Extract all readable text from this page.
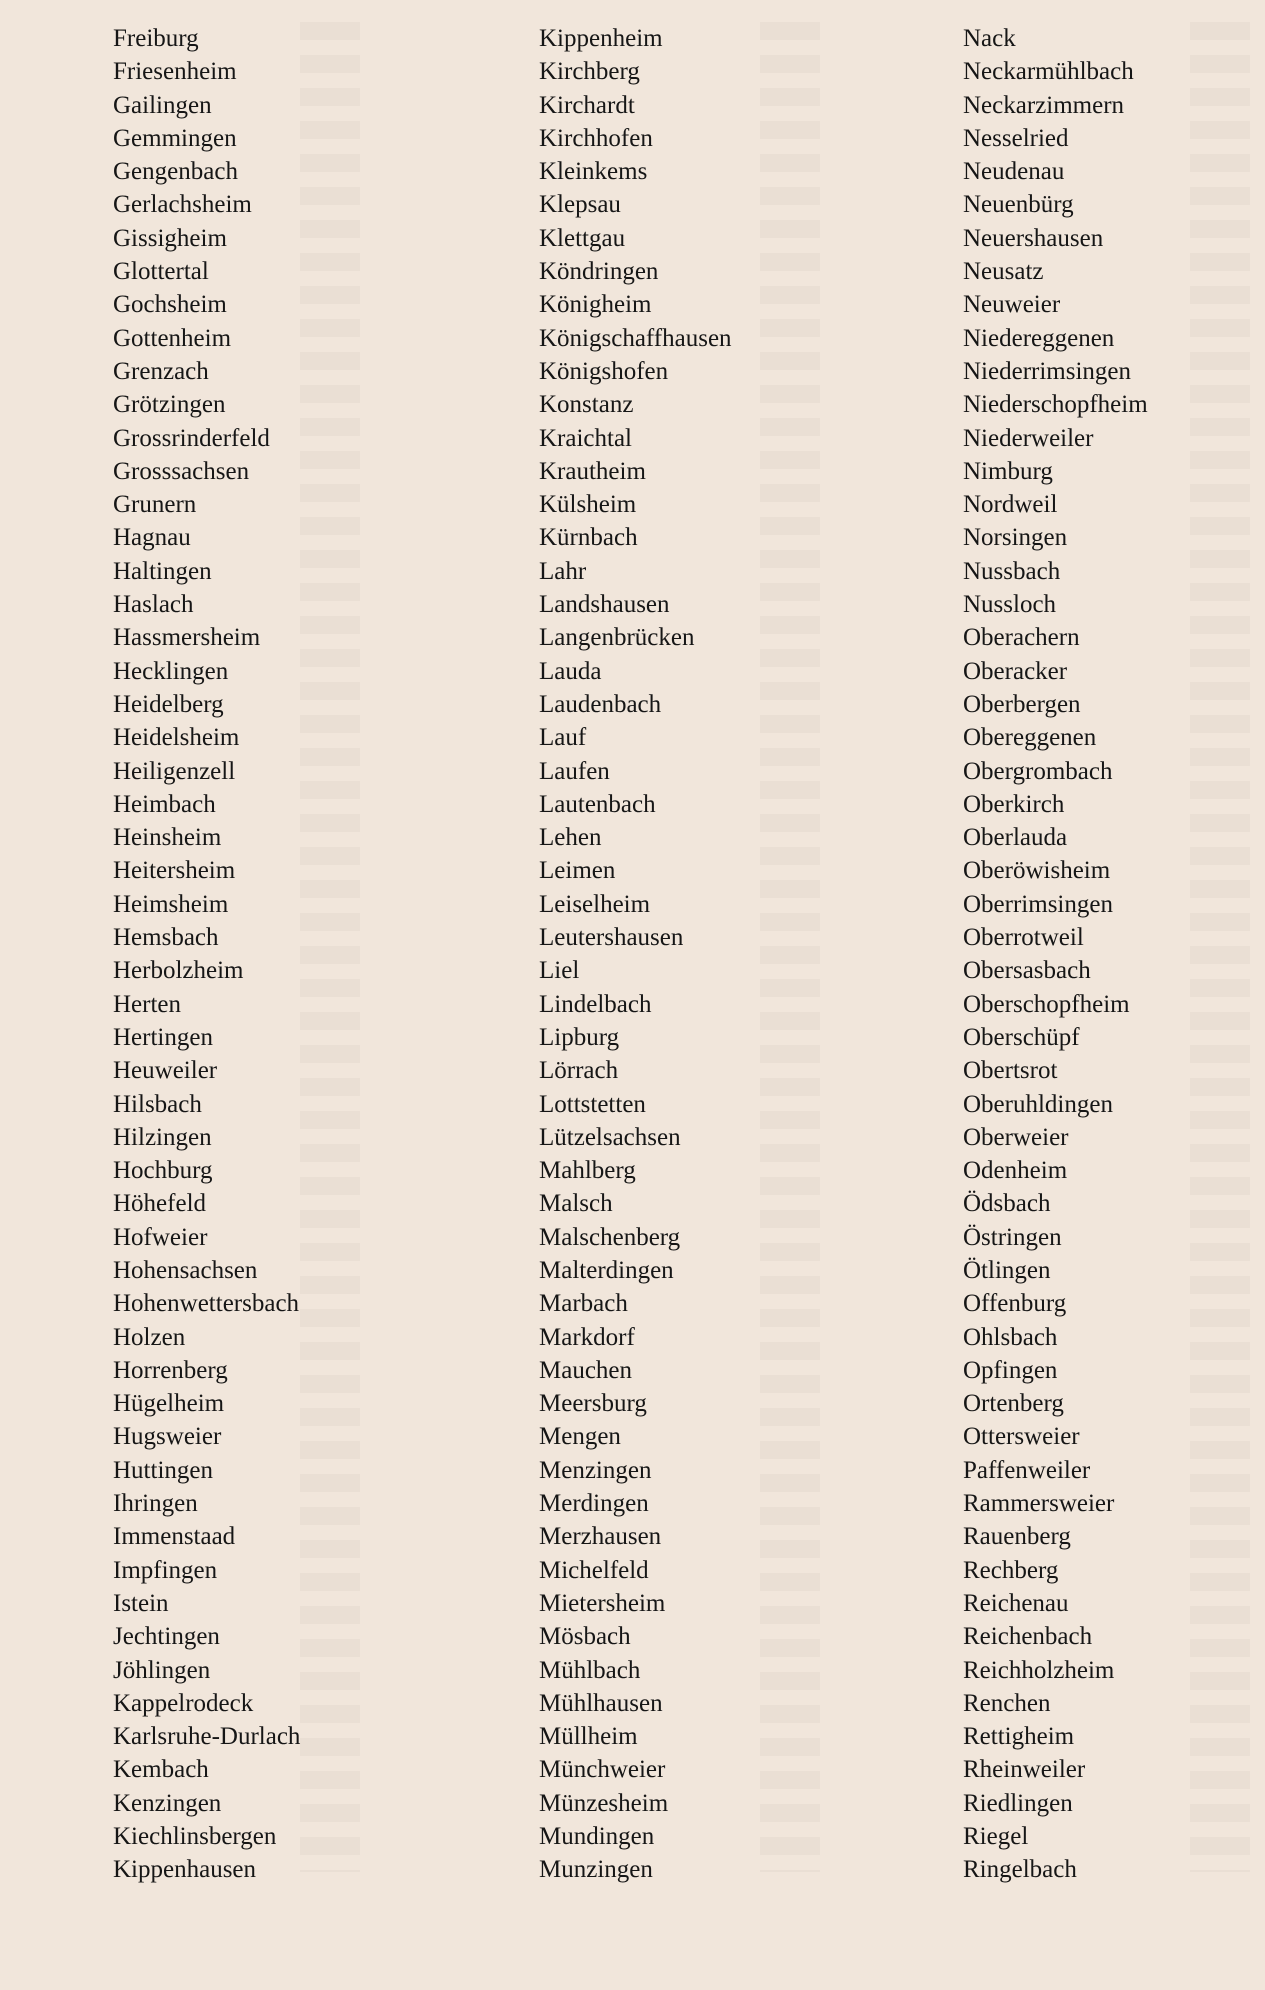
Freiburg
Friesenheim
Gailingen
Gemmingen
Gengenbach
Gerlachsheim
Gissigheim
Glottertal
Gochsheim
Gottenheim
Grenzach
Grötzingen
Grossrinderfeld
Grosssachsen
Grunern
Hagnau
Haltingen
Haslach
Hassmersheim
Hecklingen
Heidelberg
Heidelsheim
Heiligenzell
Heimbach
Heinsheim
Heitersheim
Heimsheim
Hemsbach
Herbolzheim
Herten
Hertingen
Heuweiler
Hilsbach
Hilzingen
Hochburg
Höhefeld
Hofweier
Hohensachsen
Hohenwettersbach
Holzen
Horrenberg
Hügelheim
Hugsweier
Huttingen
Ihringen
Immenstaad
Impfingen
Istein
Jechtingen
Jöhlingen
Kappelrodeck
Karlsruhe-Durlach
Kembach
Kenzingen
Kiechlinsbergen
Kippenhausen
Kippenheim
Kirchberg
Kirchardt
Kirchhofen
Kleinkems
Klepsau
Klettgau
Köndringen
Königheim
Königschaffhausen
Königshofen
Konstanz
Kraichtal
Krautheim
Külsheim
Kürnbach
Lahr
Landshausen
Langenbrücken
Lauda
Laudenbach
Lauf
Laufen
Lautenbach
Lehen
Leimen
Leiselheim
Leutershausen
Liel
Lindelbach
Lipburg
Lörrach
Lottstetten
Lützelsachsen
Mahlberg
Malsch
Malschenberg
Malterdingen
Marbach
Markdorf
Mauchen
Meersburg
Mengen
Menzingen
Merdingen
Merzhausen
Michelfeld
Mietersheim
Mösbach
Mühlbach
Mühlhausen
Müllheim
Münchweier
Münzesheim
Mundingen
Munzingen
Nack
Neckarmühlbach
Neckarzimmern
Nesselried
Neudenau
Neuenbürg
Neuershausen
Neusatz
Neuweier
Niedereggenen
Niederrimsingen
Niederschopfheim
Niederweiler
Nimburg
Nordweil
Norsingen
Nussbach
Nussloch
Oberachern
Oberacker
Oberbergen
Obereggenen
Obergrombach
Oberkirch
Oberlauda
Oberöwisheim
Oberrimsingen
Oberrotweil
Obersasbach
Oberschopfheim
Oberschüpf
Obertsrot
Oberuhldingen
Oberweier
Odenheim
Ödsbach
Östringen
Ötlingen
Offenburg
Ohlsbach
Opfingen
Ortenberg
Ottersweier
Paffenweiler
Rammersweier
Rauenberg
Rechberg
Reichenau
Reichenbach
Reichholzheim
Renchen
Rettigheim
Rheinweiler
Riedlingen
Riegel
Ringelbach
